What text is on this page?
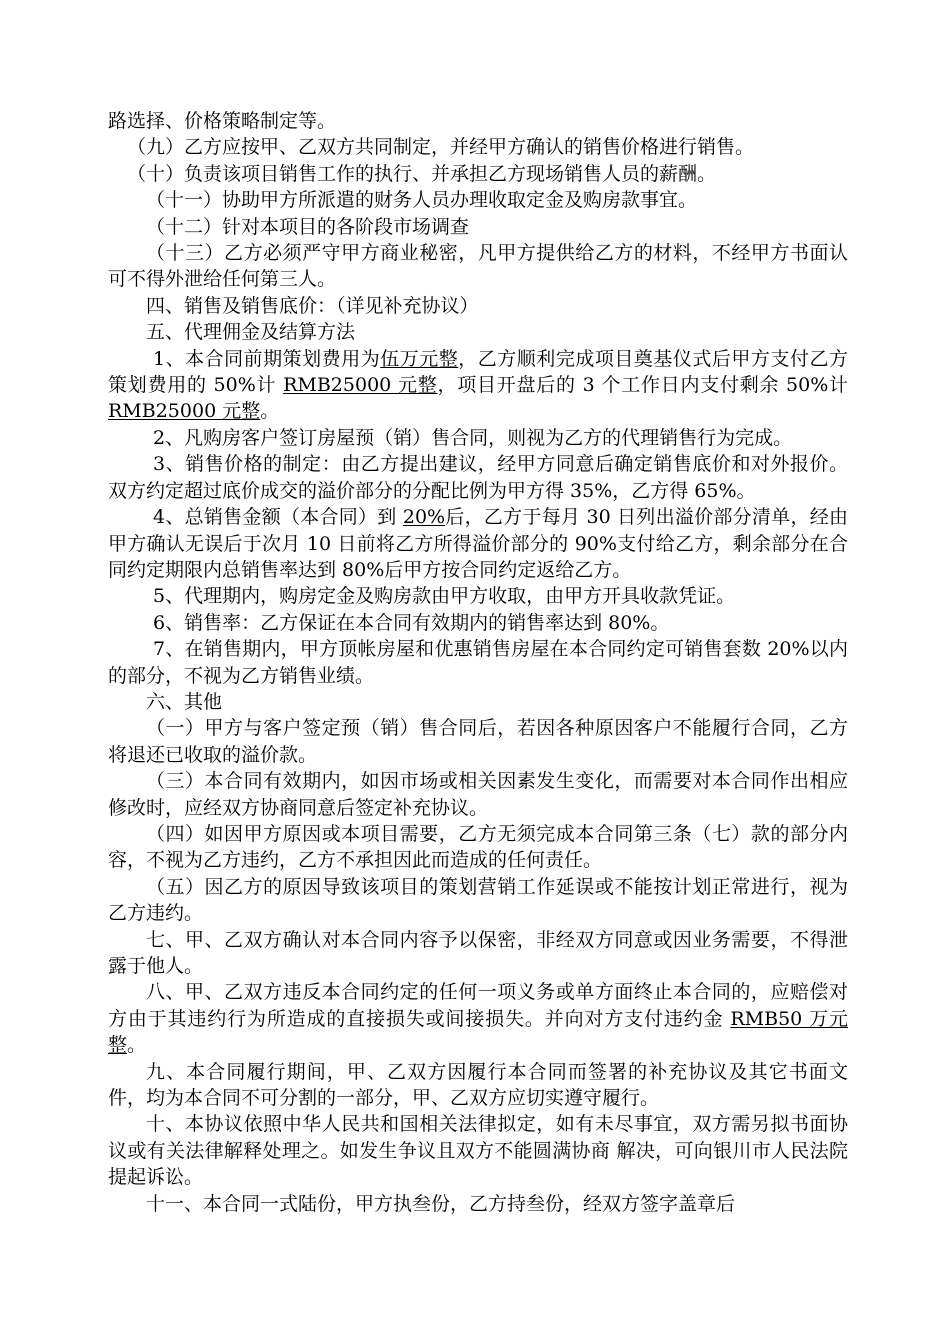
路选择、价格策略制定等。

（九）乙方应按甲、乙双方共同制定，并经甲方确认的销售价格进行销售。

（十）负责该项目销售工作的执行、并承担乙方现场销售人员的薪酬。

（十一）协助甲方所派遣的财务人员办理收取定金及购房款事宜。

（十二）针对本项目的各阶段市场调查

（十三）乙方必须严守甲方商业秘密，凡甲方提供给乙方的材料，不经甲方书面认可不得外泄给任何第三人。

四、销售及销售底价：（详见补充协议）

五、代理佣金及结算方法

1、本合同前期策划费用为伍万元整，乙方顺利完成项目奠基仪式后甲方支付乙方策划费用的 50%计 RMB25000 元整，项目开盘后的 3 个工作日内支付剩余 50%计 RMB25000 元整。

2、凡购房客户签订房屋预（销）售合同，则视为乙方的代理销售行为完成。

3、销售价格的制定：由乙方提出建议，经甲方同意后确定销售底价和对外报价。双方约定超过底价成交的溢价部分的分配比例为甲方得 35%，乙方得 65%。

4、总销售金额（本合同）到 20%后，乙方于每月 30 日列出溢价部分清单，经由甲方确认无误后于次月 10 日前将乙方所得溢价部分的 90%支付给乙方，剩余部分在合同约定期限内总销售率达到 80%后甲方按合同约定返给乙方。

5、代理期内，购房定金及购房款由甲方收取，由甲方开具收款凭证。

6、销售率：乙方保证在本合同有效期内的销售率达到 80%。

7、在销售期内，甲方顶帐房屋和优惠销售房屋在本合同约定可销售套数 20%以内的部分，不视为乙方销售业绩。

六、其他

（一）甲方与客户签定预（销）售合同后，若因各种原因客户不能履行合同，乙方将退还已收取的溢价款。

（三）本合同有效期内，如因市场或相关因素发生变化，而需要对本合同作出相应修改时，应经双方协商同意后签定补充协议。

（四）如因甲方原因或本项目需要，乙方无须完成本合同第三条（七）款的部分内容，不视为乙方违约，乙方不承担因此而造成的任何责任。

（五）因乙方的原因导致该项目的策划营销工作延误或不能按计划正常进行，视为乙方违约。

七、甲、乙双方确认对本合同内容予以保密，非经双方同意或因业务需要，不得泄露于他人。

八、甲、乙双方违反本合同约定的任何一项义务或单方面终止本合同的，应赔偿对方由于其违约行为所造成的直接损失或间接损失。并向对方支付违约金 RMB50 万元整。

九、本合同履行期间，甲、乙双方因履行本合同而签署的补充协议及其它书面文件，均为本合同不可分割的一部分，甲、乙双方应切实遵守履行。

十、本协议依照中华人民共和国相关法律拟定，如有未尽事宜，双方需另拟书面协议或有关法律解释处理之。如发生争议且双方不能圆满协商 解决，可向银川市人民法院提起诉讼。

十一、本合同一式陆份，甲方执叁份，乙方持叁份，经双方签字盖章后
